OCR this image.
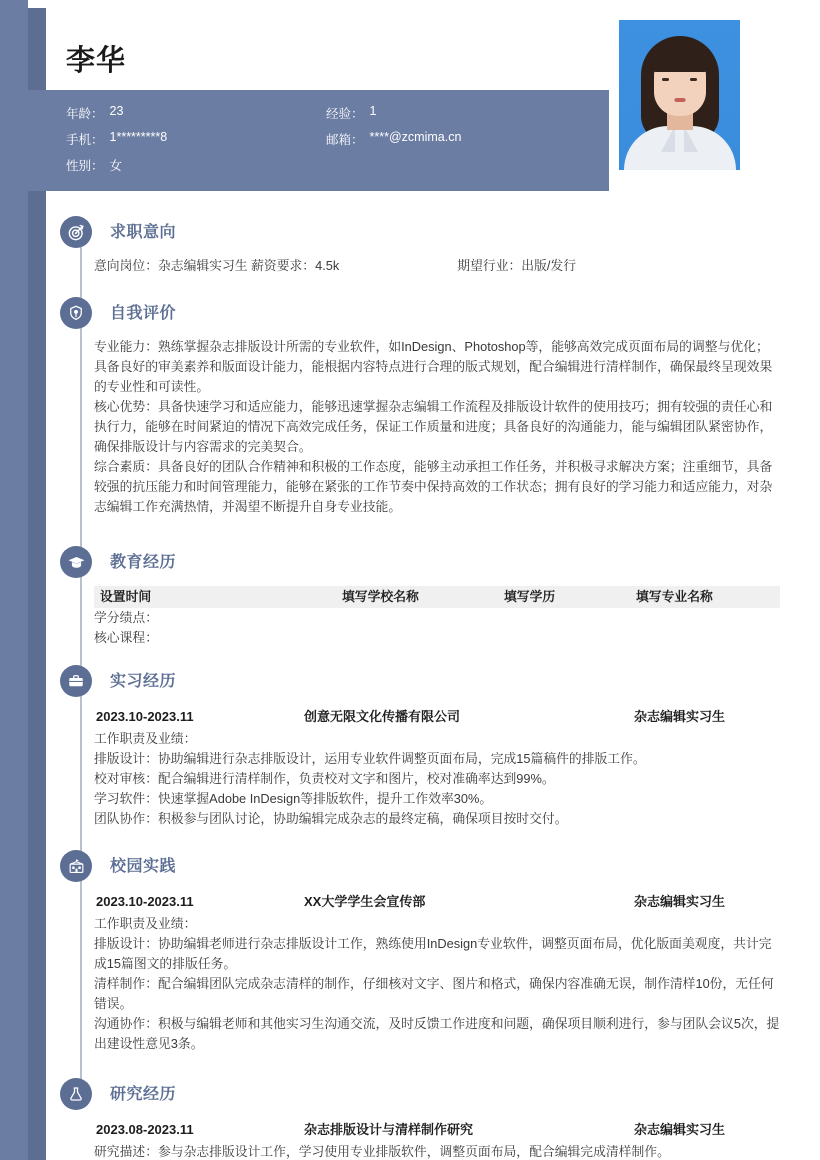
李华
年龄： 23	经验： 1
手机： 1*********8	邮箱： ****@zcmima.cn
性别： 女
求职意向
意向岗位：杂志编辑实习生 薪资要求：4.5k	期望行业：出版/发行
自我评价

专业能力：熟练掌握杂志排版设计所需的专业软件，如InDesign、Photoshop等，能够高效完成页面布局的调整与优化；具备良好的审美素养和版面设计能力，能根据内容特点进行合理的版式规划，配合编辑进行清样制作，确保最终呈现效果的专业性和可读性。

核心优势：具备快速学习和适应能力，能够迅速掌握杂志编辑工作流程及排版设计软件的使用技巧；拥有较强的责任心和执行力，能够在时间紧迫的情况下高效完成任务，保证工作质量和进度；具备良好的沟通能力，能与编辑团队紧密协作，确保排版设计与内容需求的完美契合。

综合素质：具备良好的团队合作精神和积极的工作态度，能够主动承担工作任务，并积极寻求解决方案；注重细节，具备较强的抗压能力和时间管理能力，能够在紧张的工作节奏中保持高效的工作状态；拥有良好的学习能力和适应能力，对杂志编辑工作充满热情，并渴望不断提升自身专业技能。

教育经历
设置时间	填写学校名称	填写学历	填写专业名称

学分绩点：

核心课程：

实习经历
2023.10-2023.11	创意无限文化传播有限公司	杂志编辑实习生

工作职责及业绩：

排版设计：协助编辑进行杂志排版设计，运用专业软件调整页面布局，完成15篇稿件的排版工作。

校对审核：配合编辑进行清样制作，负责校对文字和图片，校对准确率达到99%。

学习软件：快速掌握Adobe InDesign等排版软件，提升工作效率30%。

团队协作：积极参与团队讨论，协助编辑完成杂志的最终定稿，确保项目按时交付。

校园实践
2023.10-2023.11	XX大学学生会宣传部	杂志编辑实习生

工作职责及业绩：

排版设计：协助编辑老师进行杂志排版设计工作，熟练使用InDesign专业软件，调整页面布局，优化版面美观度，共计完成15篇图文的排版任务。

清样制作：配合编辑团队完成杂志清样的制作，仔细核对文字、图片和格式，确保内容准确无误，制作清样10份，无任何错误。

沟通协作：积极与编辑老师和其他实习生沟通交流，及时反馈工作进度和问题，确保项目顺利进行，参与团队会议5次，提出建设性意见3条。

研究经历
2023.08-2023.11	杂志排版设计与清样制作研究	杂志编辑实习生

研究描述：参与杂志排版设计工作，学习使用专业排版软件，调整页面布局，配合编辑完成清样制作。
